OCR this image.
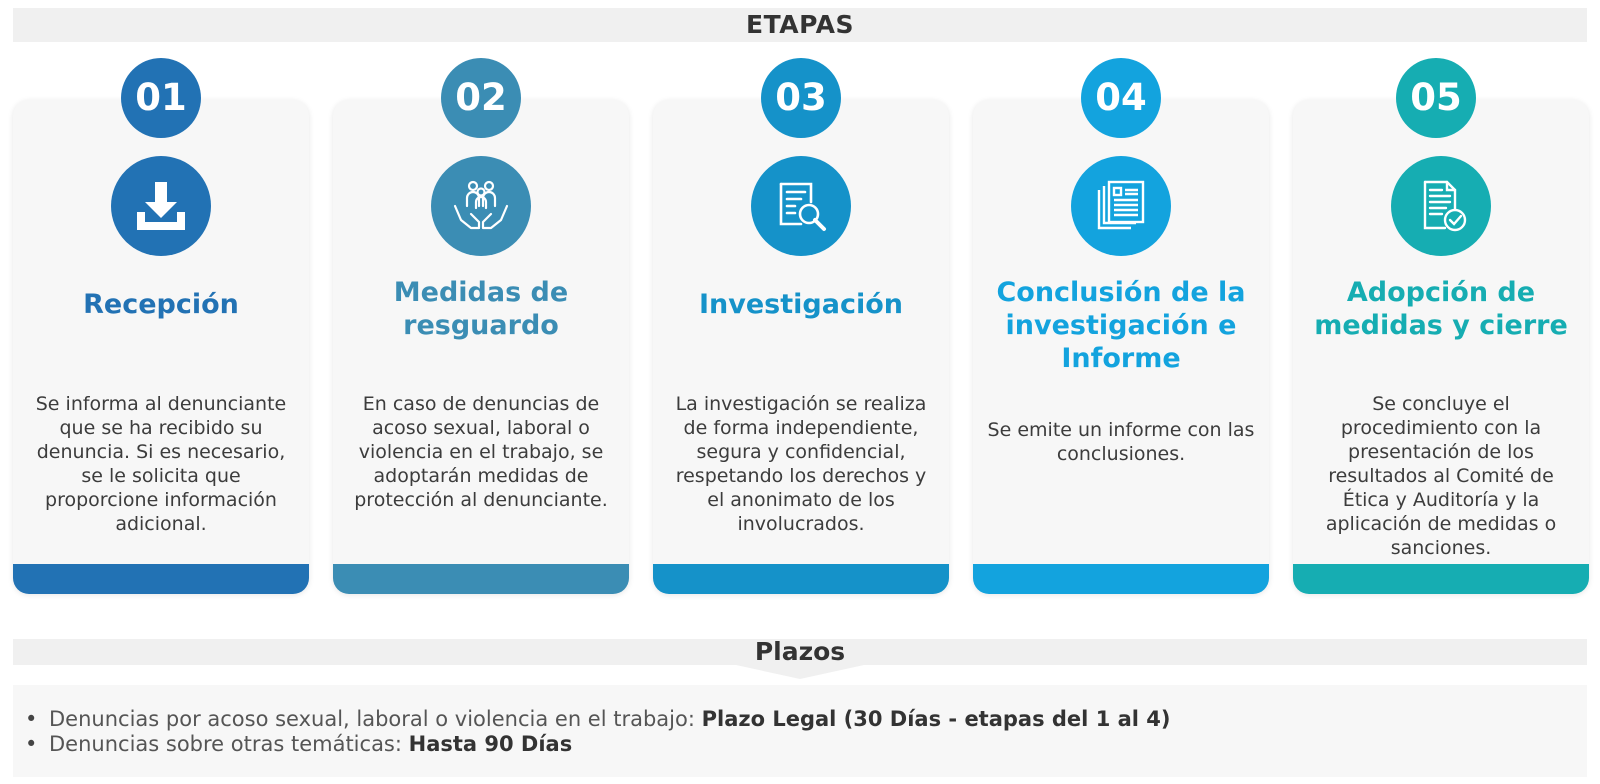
ETAPAS
Recepción
Se informa al denunciante que se ha recibido su denuncia. Si es necesario, se le solicita que proporcione información adicional.
01
Medidas de resguardo
En caso de denuncias de acoso sexual, laboral o violencia en el trabajo, se adoptarán medidas de protección al denunciante.
02
Investigación
La investigación se realiza de forma independiente, segura y confidencial, respetando los derechos y el anonimato de los involucrados.
03
Conclusión de la investigación e Informe
Se emite un informe con las conclusiones.
04
Adopción de medidas y cierre
Se concluye el procedimiento con la presentación de los resultados al Comité de Ética y Auditoría y la aplicación de medidas o sanciones.
05
Plazos
• Denuncias por acoso sexual, laboral o violencia en el trabajo: Plazo Legal (30 Días - etapas del 1 al 4)
• Denuncias sobre otras temáticas: Hasta 90 Días
